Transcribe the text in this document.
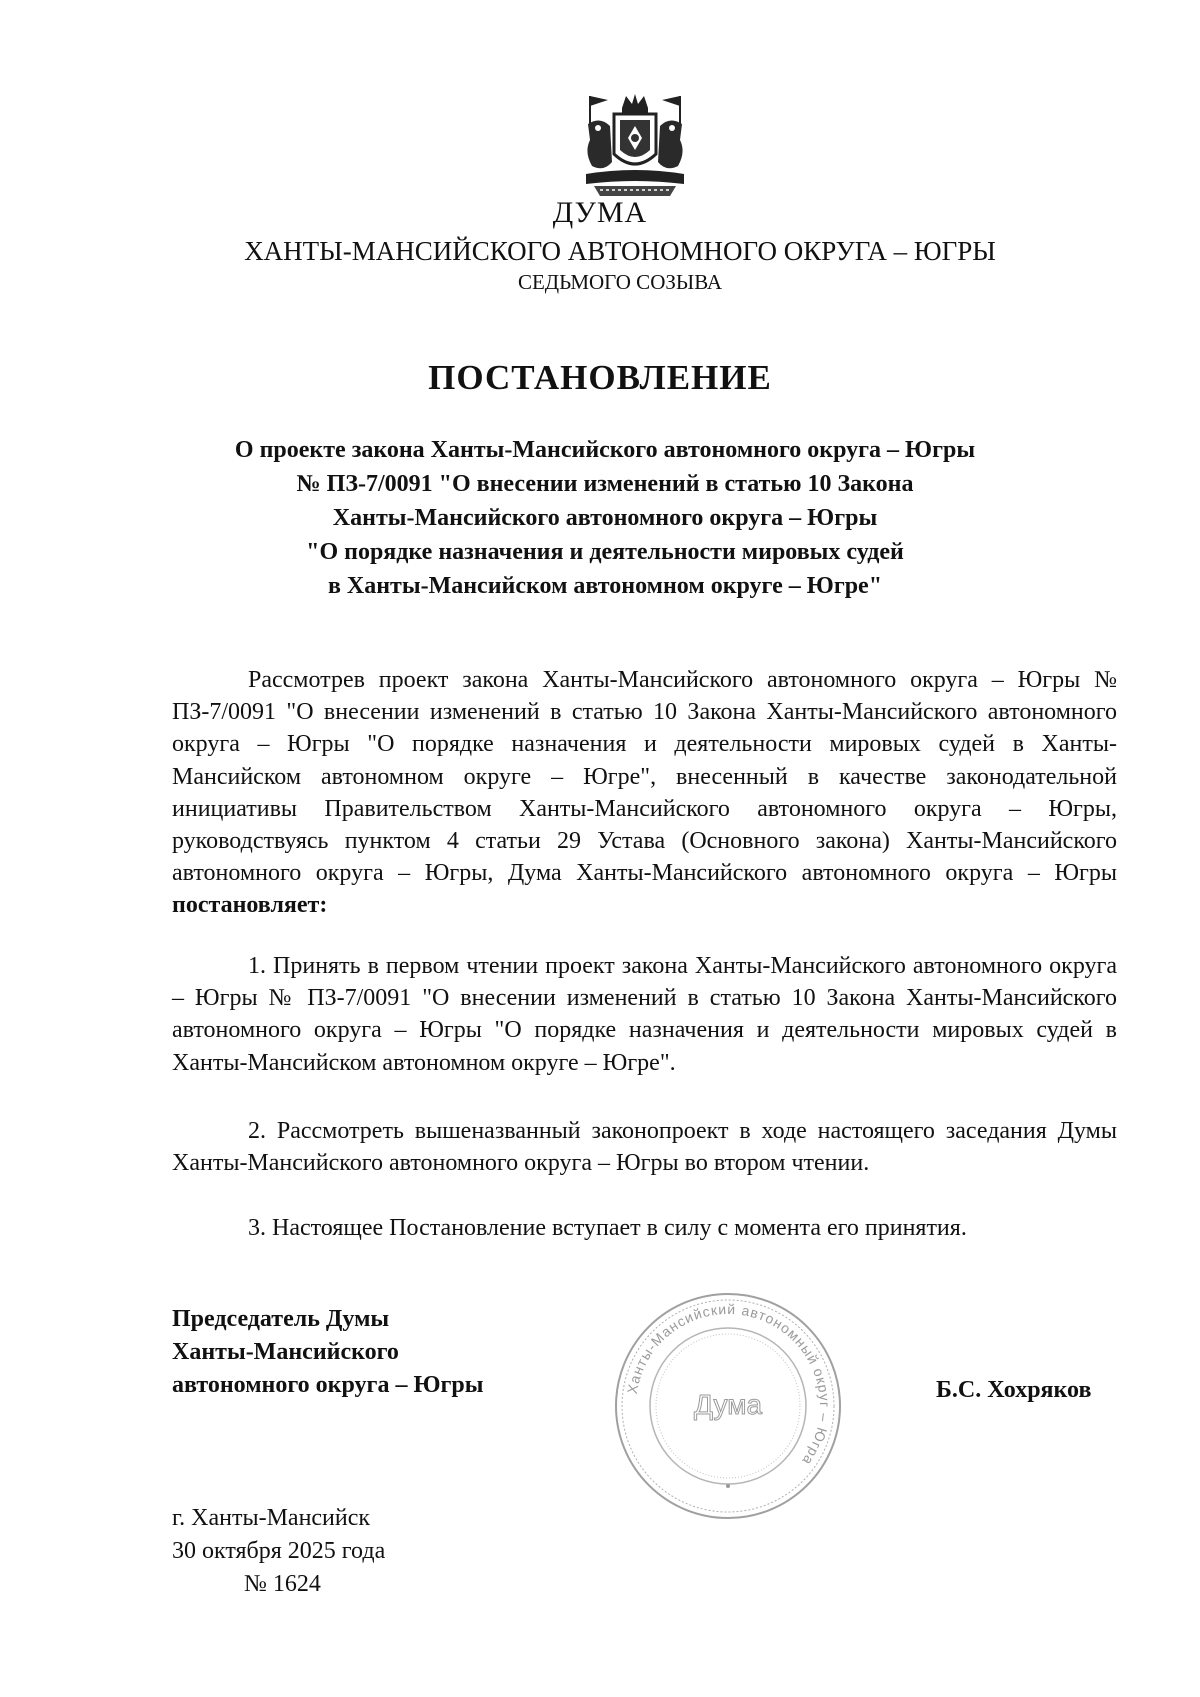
ДУМА
ХАНТЫ-МАНСИЙСКОГО АВТОНОМНОГО ОКРУГА – ЮГРЫ
СЕДЬМОГО СОЗЫВА
ПОСТАНОВЛЕНИЕ
О проекте закона Ханты-Мансийского автономного округа – Югры
№ ПЗ-7/0091 "О внесении изменений в статью 10 Закона
Ханты-Мансийского автономного округа – Югры
"О порядке назначения и деятельности мировых судей
в Ханты-Мансийском автономном округе – Югре"
Рассмотрев проект закона Ханты-Мансийского автономного округа – Югры № ПЗ-7/0091 "О внесении изменений в статью 10 Закона Ханты-Мансийского автономного округа – Югры "О порядке назначения и деятельности мировых судей в Ханты-Мансийском автономном округе – Югре", внесенный в качестве законодательной инициативы Правительством Ханты-Мансийского автономного округа – Югры, руководствуясь пунктом 4 статьи 29 Устава (Основного закона) Ханты-Мансийского автономного округа – Югры, Дума Ханты-Мансийского автономного округа – Югры постановляет:
1. Принять в первом чтении проект закона Ханты-Мансийского автономного округа – Югры № ПЗ-7/0091 "О внесении изменений в статью 10 Закона Ханты-Мансийского автономного округа – Югры "О порядке назначения и деятельности мировых судей в Ханты-Мансийском автономном округе – Югре".
2. Рассмотреть вышеназванный законопроект в ходе настоящего заседания Думы Ханты-Мансийского автономного округа – Югры во втором чтении.
3. Настоящее Постановление вступает в силу с момента его принятия.
Председатель Думы
Ханты-Мансийского
автономного округа – Югры	Ханты-Мансийский автономный округ – Югра
Дума	Б.С. Хохряков
г. Ханты-Мансийск
30 октября 2025 года
№ 1624
